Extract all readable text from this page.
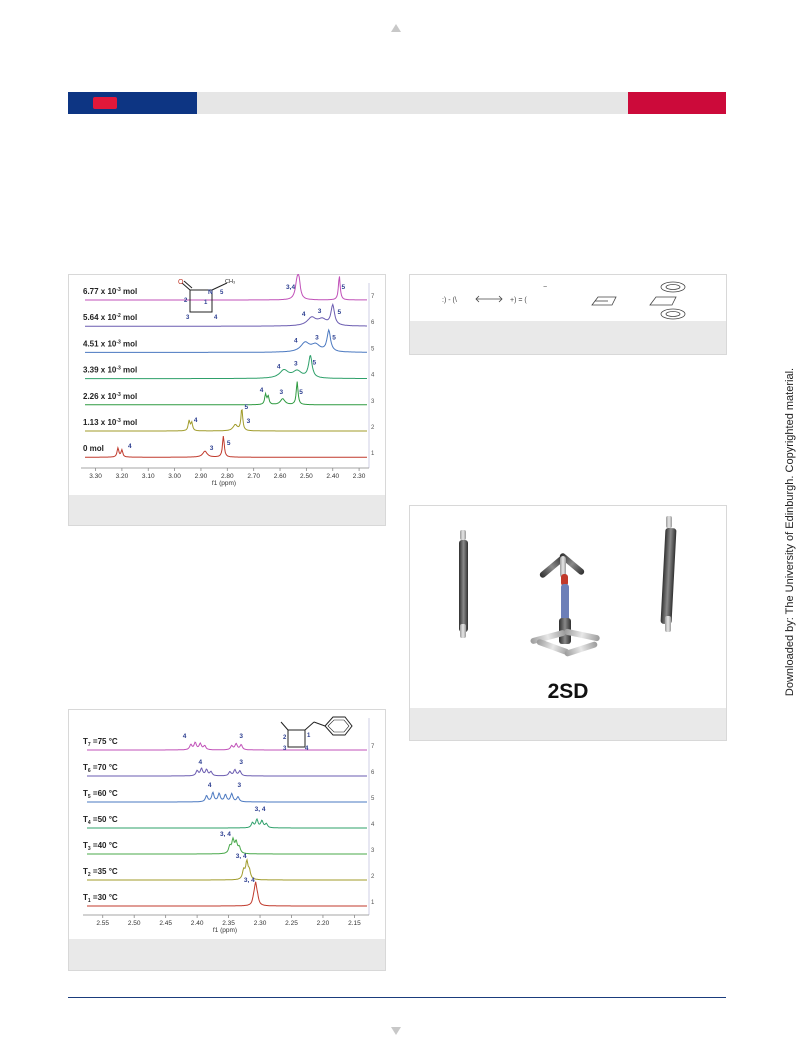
6.77 x $10^{-3}$ mol
7
3,4	5
5.64 x $10^{-2}$ mol
6
4 3 5
4.51 x $10^{-3}$ mol
5
4	3 5
3.39 x $10^{-3}$ mol
4
4 3 5
2.26 x $10^{-3}$ mol
3
4 3 5
1.13 x $10^{-3}$ mol
2
4	3
5
0 mol
1
4	3
5
3.30 3.20 3.10 3.00 2.90 2.80 2.70 2.60 2.50 2.40 2.30
f1 (ppm)
O
N
CH₃
1
2
3	4
5
$T_7 =75$ °C
7
4	3
$T_6 =70$ °C
6
4	3
$T_5 =60$ °C
5
4	3
$T_4 =50$ °C
4
3, 4
$T_3 =40$ °C
3
3, 4
$T_2 =35$ °C
2
3, 4
$T_1 =30$ °C
1
3, 4
2.55	2.50	2.45	2.40	2.35	2.30	2.25	2.20	2.15
f1 (ppm)
1
2
3	4
:) - (\	+) = (
−
2SD	Downloaded by: The University of Edinburgh. Copyrighted material.
